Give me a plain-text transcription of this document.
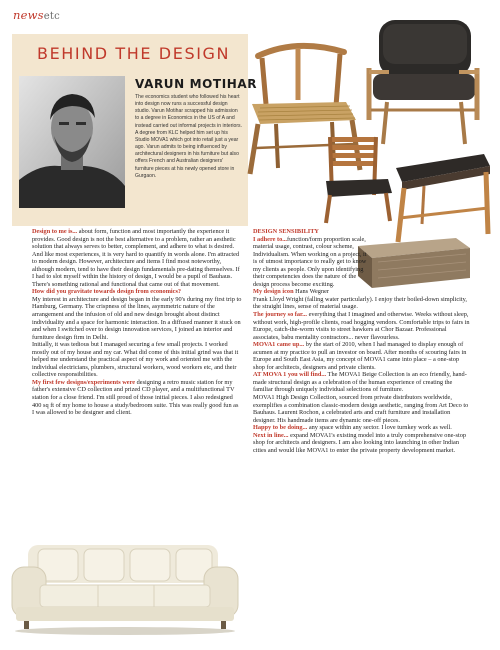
newsetc
BEHIND THE DESIGN
VARUN MOTIHAR
The economics student who followed his heart into design now runs a successful design studio. Varun Motihar scrapped his admission to a degree in Economics in the US of A and instead carried out informal projects in interiors. A degree from KLC helped him set up his Studio MOVA1 which got into retail just a year ago. Varun admits to being influenced by architectural designers in his furniture but also offers French and Australian designers' furniture pieces at his newly opened store in Gurgaon.

Design to me is... about form, function and most importantly the experience it provides. Good design is not the best alternative to a problem, rather an aesthetic solution that always serves to better, complement, and adhere to what is desired. And like most experiences, it is very hard to quantify in words alone. I'm attracted to modern design. However, architecture and items I find most noteworthy, although modern, tend to have their design fundamentals pre-dating themselves. If I had to slot myself within the history of design, I would be a pupil of Bauhaus. There's something rational and functional that came out of that movement.

How did you gravitate towards design from economics?

My interest in architecture and design began in the early 90's during my first trip to Hamburg, Germany. The crispness of the lines, asymmetric nature of the arrangement and the infusion of old and new design brought about distinct individuality and a space for harmonic interaction. In a diffused manner it stuck on and when I switched over to design innovation services, I joined an interior and furniture design firm in Delhi.

Initially, it was tedious but I managed securing a few small projects. I worked mostly out of my house and my car. What did come of this initial grind was that it helped me understand the practical aspect of my work and oriented me with the individual electricians, plumbers, structural workers, wood workers etc, and their collective responsibilities.

My first few designs/experiments were designing a retro music station for my father's extensive CD collection and prized CD player, and a multifunctional TV station for a close friend. I'm still proud of those initial pieces. I also redesigned 400 sq ft of my home to house a study/bedroom suite. This was really good fun as I was allowed to be designer and client.

DESIGN SENSIBILITY

I adhere to...function/form proportion scale, material usage, contrast, colour scheme, Individualism. When working on a project, it is of utmost importance to really get to know my clients as people. Only upon identifying their competencies does the nature of the design process become exciting.

My design icon Hans Wegner

Frank Lloyd Wright (falling water particularly). I enjoy their boiled-down simplicity, the straight lines, sense of material usage.

The journey so far... everything that I imagined and otherwise. Weeks without sleep, without work, high-profile clients, road hogging vendors. Comfortable trips to fairs in Europe, catch-the-worm visits to street hawkers at Chor Bazaar. Professional associates, babu mentality contractors... never flavourless.

MOVA1 came up... by the start of 2010, when I had managed to display enough of acumen at my practice to pull an investor on board. After months of scouring fairs in Europe and South East Asia, my concept of MOVA1 came into place – a one-stop shop for architects, designers and private clients.

AT MOVA 1 you will find... The MOVA1 Beige Collection is an eco friendly, hand-made structural design as a celebration of the human experience of creating the familiar through uniquely individual selections of furniture.

MOVA1 High Design Collection, sourced from private distributors worldwide, exemplifies a combination classic-modern design aesthetic, ranging from Art Deco to Bauhaus. Laurent Rochon, a celebrated arts and craft furniture and installation designer. His handmade items are dynamic one-off pieces.

Happy to be doing... any space within any sector. I love turnkey work as well.

Next in line... expand MOVA1's existing model into a truly comprehensive one-stop shop for architects and designers. I am also looking into launching in other Indian cities and would like MOVA1 to enter the private property development market.
